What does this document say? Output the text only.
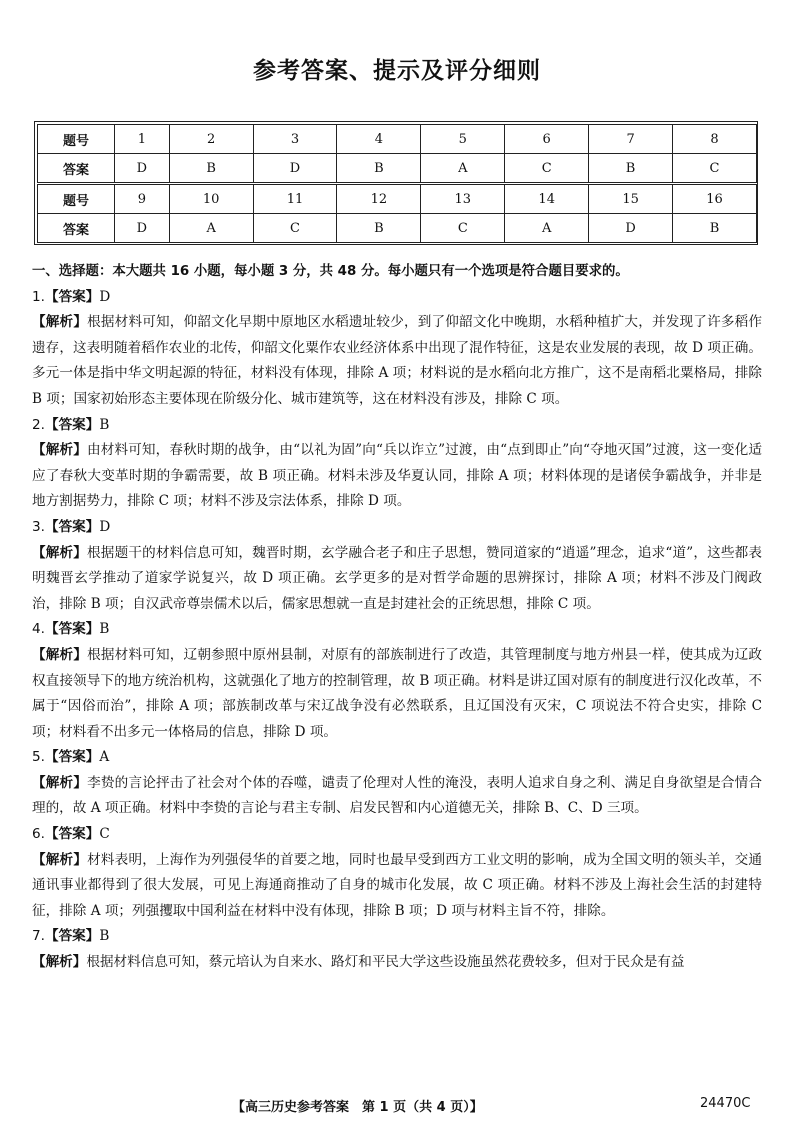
参考答案、提示及评分细则
题号	1	2	3	4	5	6	7	8
答案	D	B	D	B	A	C	B	C
题号	9	10	11	12	13	14	15	16
答案	D	A	C	B	C	A	D	B

一、选择题：本大题共 16 小题，每小题 3 分，共 48 分。每小题只有一个选项是符合题目要求的。

1.【答案】D

【解析】根据材料可知，仰韶文化早期中原地区水稻遗址较少，到了仰韶文化中晚期，水稻种植扩大，并发现了许多稻作遗存，这表明随着稻作农业的北传，仰韶文化粟作农业经济体系中出现了混作特征，这是农业发展的表现，故 D 项正确。多元一体是指中华文明起源的特征，材料没有体现，排除 A 项；材料说的是水稻向北方推广，这不是南稻北粟格局，排除 B 项；国家初始形态主要体现在阶级分化、城市建筑等，这在材料没有涉及，排除 C 项。

2.【答案】B

【解析】由材料可知，春秋时期的战争，由“以礼为固”向“兵以诈立”过渡，由“点到即止”向“夺地灭国”过渡，这一变化适应了春秋大变革时期的争霸需要，故 B 项正确。材料未涉及华夏认同，排除 A 项；材料体现的是诸侯争霸战争，并非是地方割据势力，排除 C 项；材料不涉及宗法体系，排除 D 项。

3.【答案】D

【解析】根据题干的材料信息可知，魏晋时期，玄学融合老子和庄子思想，赞同道家的“逍遥”理念，追求“道”，这些都表明魏晋玄学推动了道家学说复兴，故 D 项正确。玄学更多的是对哲学命题的思辨探讨，排除 A 项；材料不涉及门阀政治，排除 B 项；自汉武帝尊崇儒术以后，儒家思想就一直是封建社会的正统思想，排除 C 项。

4.【答案】B

【解析】根据材料可知，辽朝参照中原州县制，对原有的部族制进行了改造，其管理制度与地方州县一样，使其成为辽政权直接领导下的地方统治机构，这就强化了地方的控制管理，故 B 项正确。材料是讲辽国对原有的制度进行汉化改革，不属于“因俗而治”，排除 A 项；部族制改革与宋辽战争没有必然联系，且辽国没有灭宋，C 项说法不符合史实，排除 C 项；材料看不出多元一体格局的信息，排除 D 项。

5.【答案】A

【解析】李贽的言论抨击了社会对个体的吞噬，谴责了伦理对人性的淹没，表明人追求自身之利、满足自身欲望是合情合理的，故 A 项正确。材料中李贽的言论与君主专制、启发民智和内心道德无关，排除 B、C、D 三项。

6.【答案】C

【解析】材料表明，上海作为列强侵华的首要之地，同时也最早受到西方工业文明的影响，成为全国文明的领头羊，交通通讯事业都得到了很大发展，可见上海通商推动了自身的城市化发展，故 C 项正确。材料不涉及上海社会生活的封建特征，排除 A 项；列强攫取中国利益在材料中没有体现，排除 B 项；D 项与材料主旨不符，排除。

7.【答案】B

【解析】根据材料信息可知，蔡元培认为自来水、路灯和平民大学这些设施虽然花费较多，但对于民众是有益

【高三历史参考答案　第 1 页（共 4 页）】	24470C
